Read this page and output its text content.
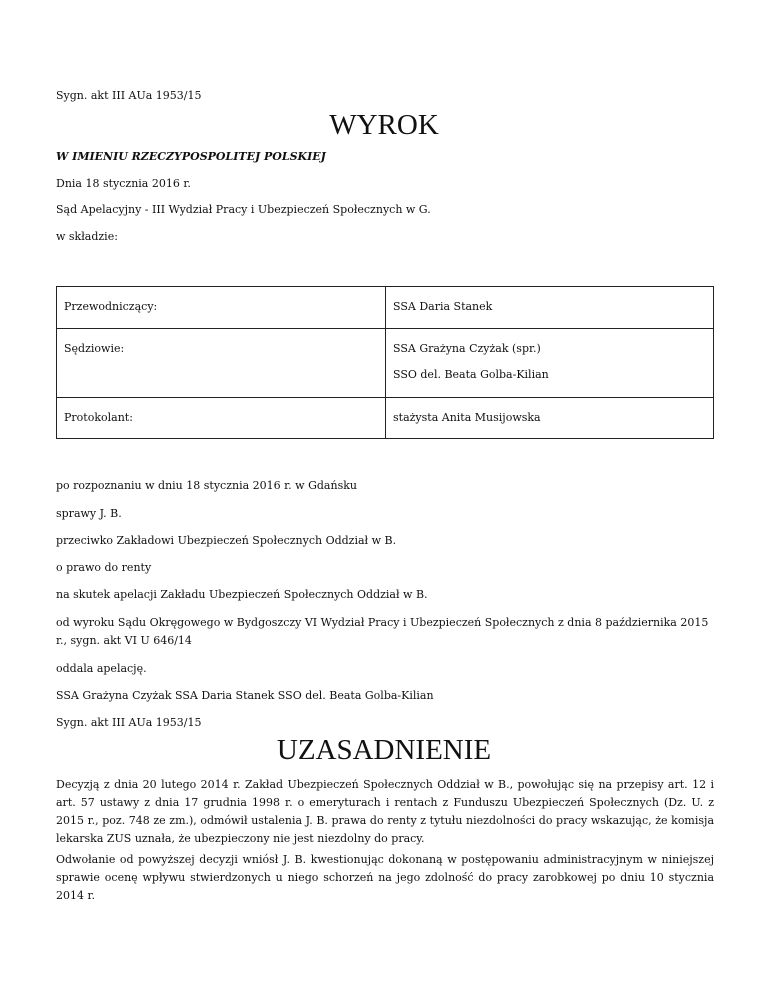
Sygn. akt III AUa 1953/15
WYROK
W IMIENIU RZECZYPOSPOLITEJ POLSKIEJ
Dnia 18 stycznia 2016 r.
Sąd Apelacyjny - III Wydział Pracy i Ubezpieczeń Społecznych w G.
w składzie:
Przewodniczący:	SSA Daria Stanek

Sędziowie:	SSA Grażyna Czyżak (spr.)
SSO del. Beata Golba-Kilian

Protokolant:	stażysta Anita Musijowska
po rozpoznaniu w dniu 18 stycznia 2016 r. w Gdańsku
sprawy J. B.
przeciwko Zakładowi Ubezpieczeń Społecznych Oddział w B.
o prawo do renty
na skutek apelacji Zakładu Ubezpieczeń Społecznych Oddział w B.
od wyroku Sądu Okręgowego w Bydgoszczy VI Wydział Pracy i Ubezpieczeń Społecznych z dnia 8 października 2015 r., sygn. akt VI U 646/14
oddala apelację.
SSA Grażyna Czyżak SSA Daria Stanek SSO del. Beata Golba-Kilian
Sygn. akt III AUa 1953/15
UZASADNIENIE
Decyzją z dnia 20 lutego 2014 r. Zakład Ubezpieczeń Społecznych Oddział w B., powołując się na przepisy art. 12 i art. 57 ustawy z dnia 17 grudnia 1998 r. o emeryturach i rentach z Funduszu Ubezpieczeń Społecznych (Dz. U. z 2015 r., poz. 748 ze zm.), odmówił ustalenia J. B. prawa do renty z tytułu niezdolności do pracy wskazując, że komisja lekarska ZUS uznała, że ubezpieczony nie jest niezdolny do pracy.
Odwołanie od powyższej decyzji wniósł J. B. kwestionując dokonaną w postępowaniu administracyjnym w niniejszej sprawie ocenę wpływu stwierdzonych u niego schorzeń na jego zdolność do pracy zarobkowej po dniu 10 stycznia 2014 r.
